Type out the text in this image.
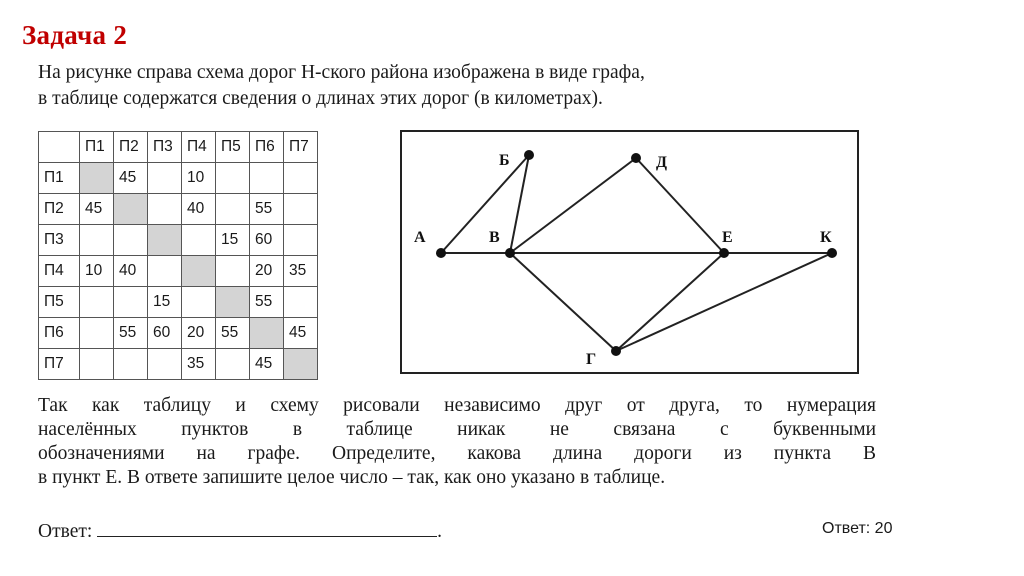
Задача 2
На рисунке справа схема дорог Н-ского района изображена в виде графа,
в таблице содержатся сведения о длинах этих дорог (в километрах).
	П1	П2	П3	П4	П5	П6	П7
П1		45		10			
П2	45			40		55	
П3					15	60	
П4	10	40				20	35
П5			15			55	
П6		55	60	20	55		45
П7				35		45	
А
Б
В
Д
Е	К
Г
Так как таблицу и схему рисовали независимо друг от друга, то нумерация
населённых пунктов в таблице никак не связана с буквенными
обозначениями на графе. Определите, какова длина дороги из пункта В
в пункт Е. В ответе запишите целое число – так, как оно указано в таблице.
Ответ:	.	Ответ: 20
